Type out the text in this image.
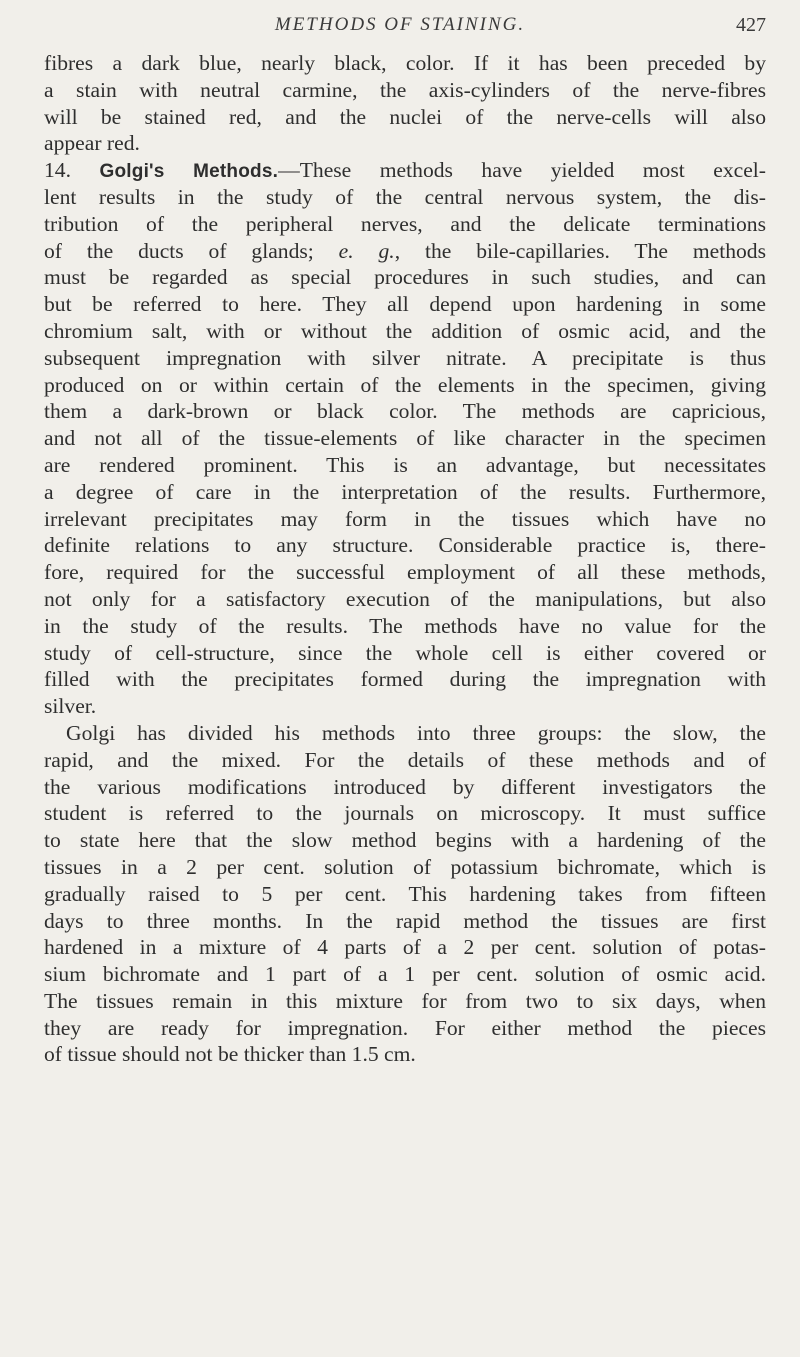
METHODS OF STAINING.	427
fibres a dark blue, nearly black, color. If it has been preceded by
a stain with neutral carmine, the axis-cylinders of the nerve-fibres
will be stained red, and the nuclei of the nerve-cells will also
appear red.
14. Golgi's Methods.—These methods have yielded most excel-
lent results in the study of the central nervous system, the dis-
tribution of the peripheral nerves, and the delicate terminations
of the ducts of glands; e. g., the bile-capillaries. The methods
must be regarded as special procedures in such studies, and can
but be referred to here. They all depend upon hardening in some
chromium salt, with or without the addition of osmic acid, and the
subsequent impregnation with silver nitrate. A precipitate is thus
produced on or within certain of the elements in the specimen, giving
them a dark-brown or black color. The methods are capricious,
and not all of the tissue-elements of like character in the specimen
are rendered prominent. This is an advantage, but necessitates
a degree of care in the interpretation of the results. Furthermore,
irrelevant precipitates may form in the tissues which have no
definite relations to any structure. Considerable practice is, there-
fore, required for the successful employment of all these methods,
not only for a satisfactory execution of the manipulations, but also
in the study of the results. The methods have no value for the
study of cell-structure, since the whole cell is either covered or
filled with the precipitates formed during the impregnation with
silver.
Golgi has divided his methods into three groups: the slow, the
rapid, and the mixed. For the details of these methods and of
the various modifications introduced by different investigators the
student is referred to the journals on microscopy. It must suffice
to state here that the slow method begins with a hardening of the
tissues in a 2 per cent. solution of potassium bichromate, which is
gradually raised to 5 per cent. This hardening takes from fifteen
days to three months. In the rapid method the tissues are first
hardened in a mixture of 4 parts of a 2 per cent. solution of potas-
sium bichromate and 1 part of a 1 per cent. solution of osmic acid.
The tissues remain in this mixture for from two to six days, when
they are ready for impregnation. For either method the pieces
of tissue should not be thicker than 1.5 cm.
